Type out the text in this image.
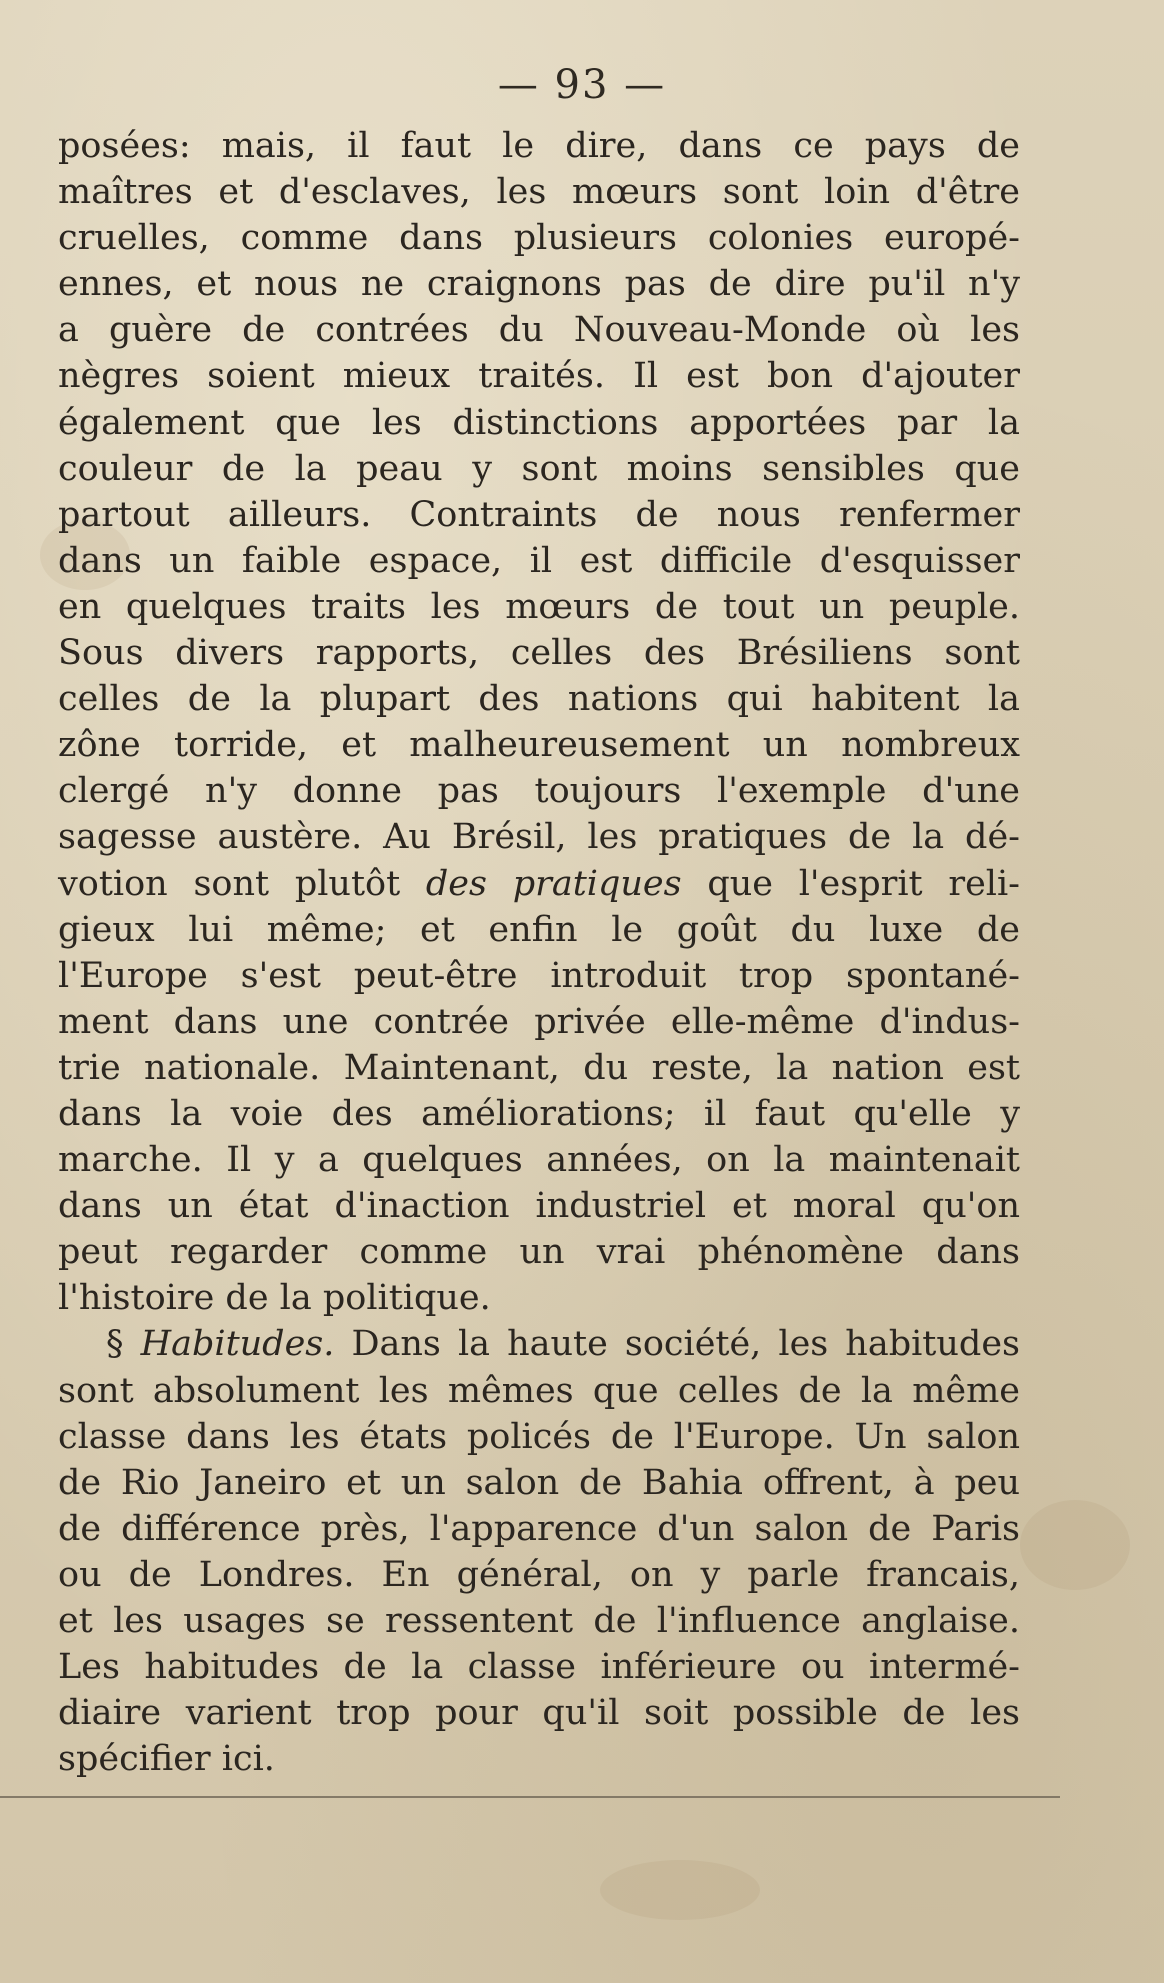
— 93 —
posées: mais, il faut le dire, dans ce pays de
maîtres et d'esclaves, les mœurs sont loin d'être
cruelles, comme dans plusieurs colonies europé-
ennes, et nous ne craignons pas de dire pu'il n'y
a guère de contrées du Nouveau-Monde où les
nègres soient mieux traités. Il est bon d'ajouter
également que les distinctions apportées par la
couleur de la peau y sont moins sensibles que
partout ailleurs. Contraints de nous renfermer
dans un faible espace, il est difficile d'esquisser
en quelques traits les mœurs de tout un peuple.
Sous divers rapports, celles des Brésiliens sont
celles de la plupart des nations qui habitent la
zône torride, et malheureusement un nombreux
clergé n'y donne pas toujours l'exemple d'une
sagesse austère. Au Brésil, les pratiques de la dé-
votion sont plutôt des pratiques que l'esprit reli-
gieux lui même; et enfin le goût du luxe de
l'Europe s'est peut-être introduit trop spontané-
ment dans une contrée privée elle-même d'indus-
trie nationale. Maintenant, du reste, la nation est
dans la voie des améliorations; il faut qu'elle y
marche. Il y a quelques années, on la maintenait
dans un état d'inaction industriel et moral qu'on
peut regarder comme un vrai phénomène dans
l'histoire de la politique.
§ Habitudes. Dans la haute société, les habitudes
sont absolument les mêmes que celles de la même
classe dans les états policés de l'Europe. Un salon
de Rio Janeiro et un salon de Bahia offrent, à peu
de différence près, l'apparence d'un salon de Paris
ou de Londres. En général, on y parle francais,
et les usages se ressentent de l'influence anglaise.
Les habitudes de la classe inférieure ou intermé-
diaire varient trop pour qu'il soit possible de les
spécifier ici.
